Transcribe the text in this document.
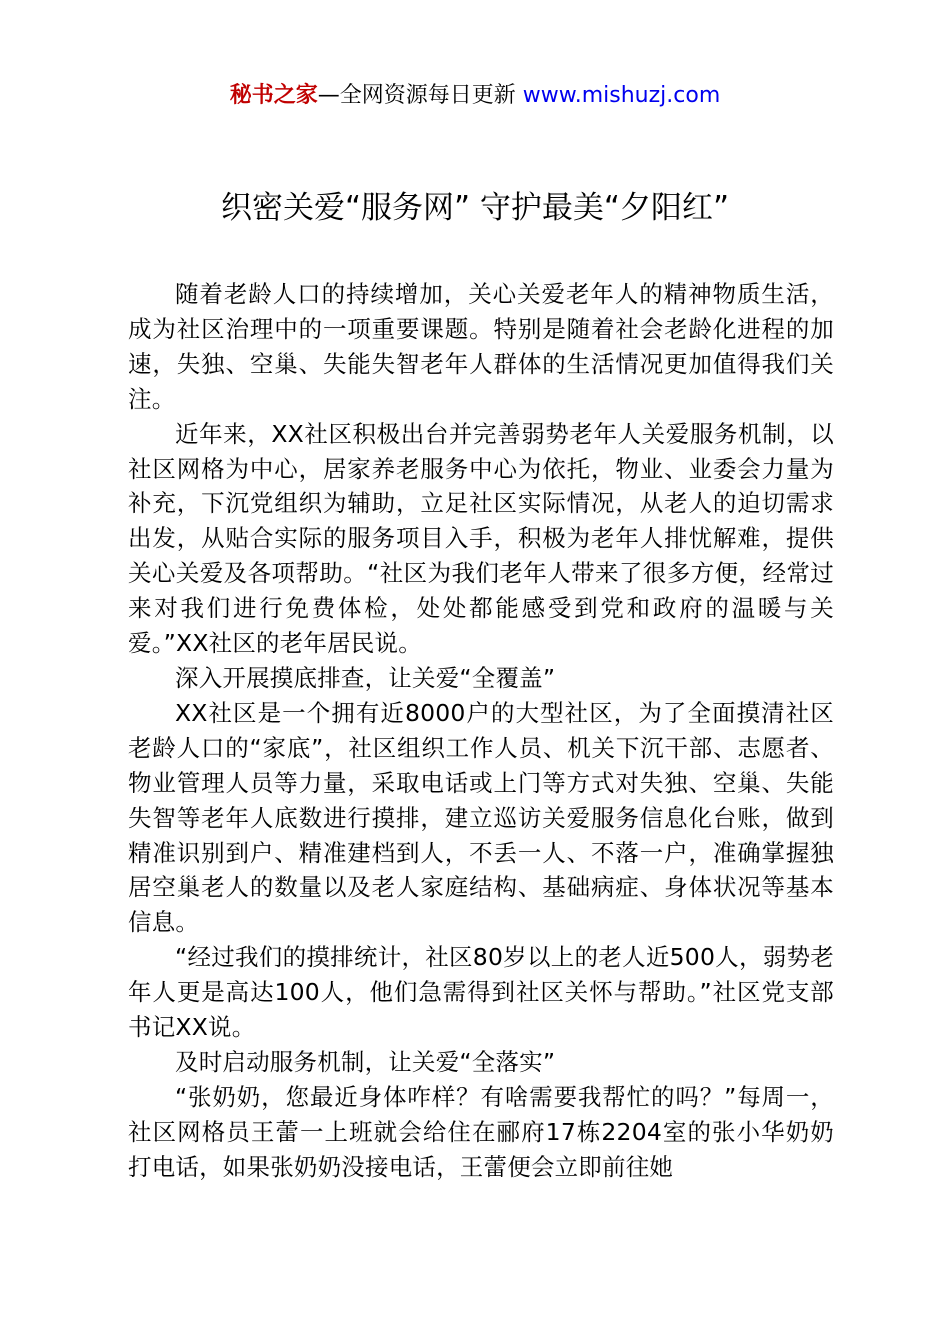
秘书之家—全网资源每日更新 www.mishuzj.com
织密关爱“服务网” 守护最美“夕阳红”

随着老龄人口的持续增加，关心关爱老年人的精神物质生活，成为社区治理中的一项重要课题。特别是随着社会老龄化进程的加速，失独、空巢、失能失智老年人群体的生活情况更加值得我们关注。

近年来，XX社区积极出台并完善弱势老年人关爱服务机制，以社区网格为中心，居家养老服务中心为依托，物业、业委会力量为补充，下沉党组织为辅助，立足社区实际情况，从老人的迫切需求出发，从贴合实际的服务项目入手，积极为老年人排忧解难，提供关心关爱及各项帮助。“社区为我们老年人带来了很多方便，经常过来对我们进行免费体检，处处都能感受到党和政府的温暖与关爱。”XX社区的老年居民说。

深入开展摸底排查，让关爱“全覆盖”

XX社区是一个拥有近8000户的大型社区，为了全面摸清社区老龄人口的“家底”，社区组织工作人员、机关下沉干部、志愿者、物业管理人员等力量，采取电话或上门等方式对失独、空巢、失能失智等老年人底数进行摸排，建立巡访关爱服务信息化台账，做到精准识别到户、精准建档到人，不丢一人、不落一户，准确掌握独居空巢老人的数量以及老人家庭结构、基础病症、身体状况等基本信息。

“经过我们的摸排统计，社区80岁以上的老人近500人，弱势老年人更是高达100人，他们急需得到社区关怀与帮助。”社区党支部书记XX说。

及时启动服务机制，让关爱“全落实”

“张奶奶，您最近身体咋样？有啥需要我帮忙的吗？”每周一，社区网格员王蕾一上班就会给住在郦府17栋2204室的张小华奶奶打电话，如果张奶奶没接电话，王蕾便会立即前往她
